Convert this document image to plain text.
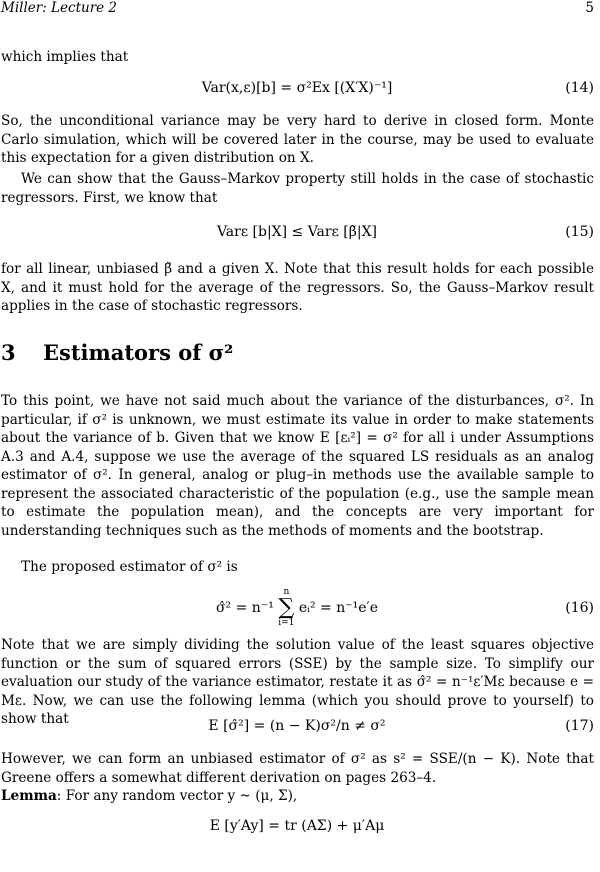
Miller: Lecture 2	5
which implies that
Var(x,ε)[b] = σ²Ex [(X′X)⁻¹]	(14)
So, the unconditional variance may be very hard to derive in closed form. Monte Carlo simulation, which will be covered later in the course, may be used to evaluate this expectation for a given distribution on X.
We can show that the Gauss–Markov property still holds in the case of stochastic regressors. First, we know that
Varε [b|X] ≤ Varε [β̃|X]	(15)
for all linear, unbiased β̃ and a given X. Note that this result holds for each possible X, and it must hold for the average of the regressors. So, the Gauss–Markov result applies in the case of stochastic regressors.
3 Estimators of σ²
To this point, we have not said much about the variance of the disturbances, σ². In particular, if σ² is unknown, we must estimate its value in order to make statements about the variance of b. Given that we know E [εᵢ²] = σ² for all i under Assumptions A.3 and A.4, suppose we use the average of the squared LS residuals as an analog estimator of σ². In general, analog or plug–in methods use the available sample to represent the associated characteristic of the population (e.g., use the sample mean to estimate the population mean), and the concepts are very important for understanding techniques such as the methods of moments and the bootstrap.
The proposed estimator of σ² is
σ̂² = n⁻¹
n
∑
i=1
eᵢ² = n⁻¹e′e	(16)
Note that we are simply dividing the solution value of the least squares objective function or the sum of squared errors (SSE) by the sample size. To simplify our evaluation our study of the variance estimator, restate it as σ̂² = n⁻¹ε′Mε because e = Mε. Now, we can use the following lemma (which you should prove to yourself) to show that	E [σ̂²] = (n − K)σ²/n ≠ σ²	(17)
However, we can form an unbiased estimator of σ² as s² = SSE/(n − K). Note that Greene offers a somewhat different derivation on pages 263–4.
Lemma: For any random vector y ~ (μ, Σ),
E [y′Ay] = tr (AΣ) + μ′Aμ
